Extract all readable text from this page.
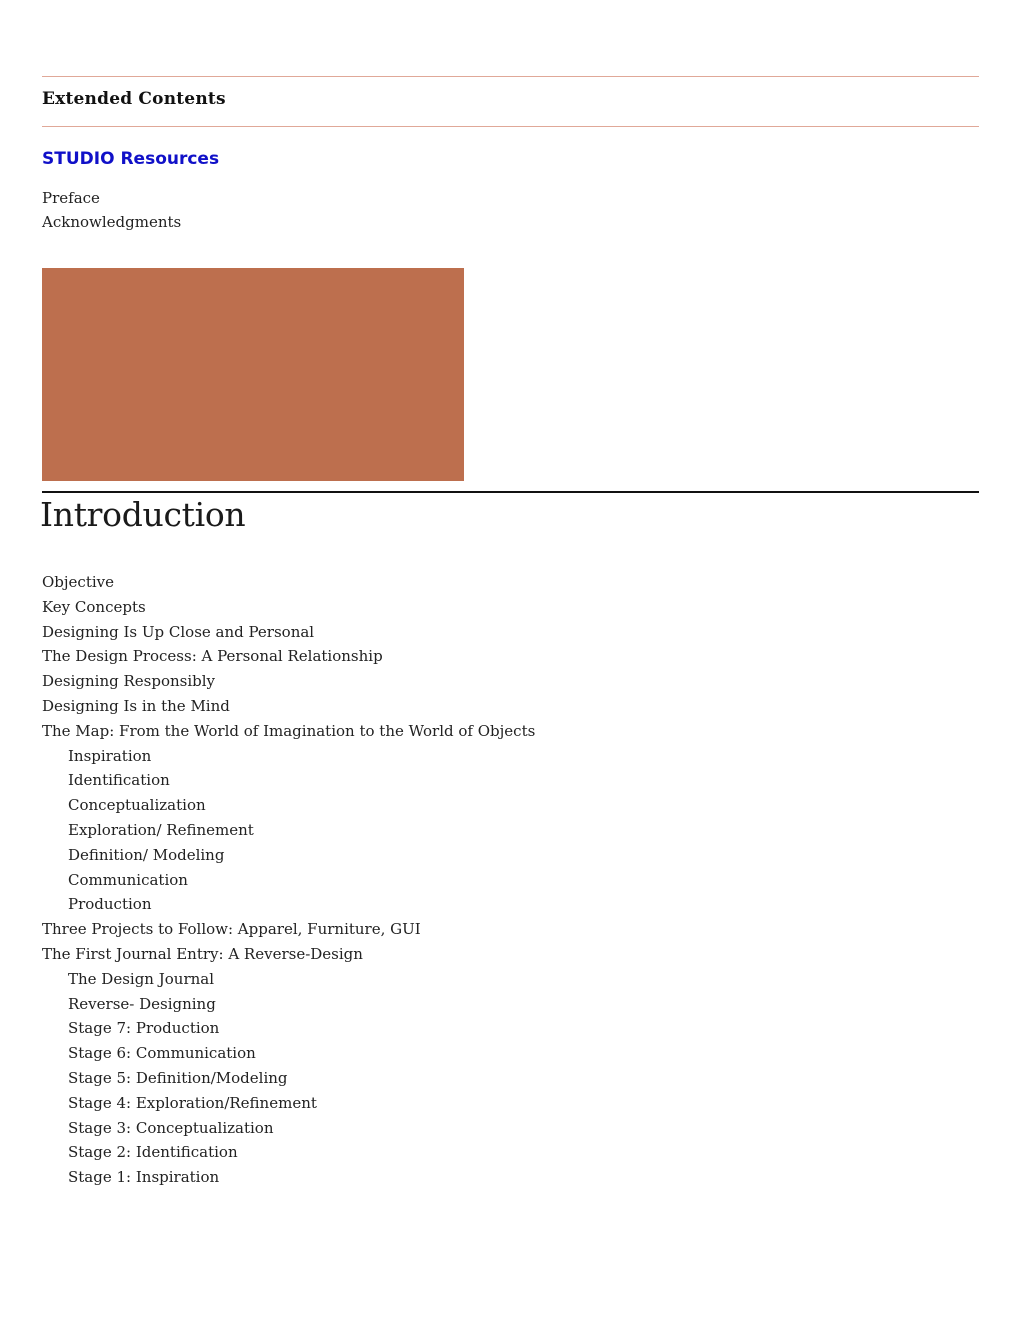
Extended Contents
STUDIO Resources
Preface
Acknowledgments
Introduction
Objective
Key Concepts
Designing Is Up Close and Personal
The Design Process: A Personal Relationship
Designing Responsibly
Designing Is in the Mind
The Map: From the World of Imagination to the World of Objects
Inspiration
Identification
Conceptualization
Exploration/ Refinement
Definition/ Modeling
Communication
Production
Three Projects to Follow: Apparel, Furniture, GUI
The First Journal Entry: A Reverse-Design
The Design Journal
Reverse- Designing
Stage 7: Production
Stage 6: Communication
Stage 5: Definition/Modeling
Stage 4: Exploration/Refinement
Stage 3: Conceptualization
Stage 2: Identification
Stage 1: Inspiration
